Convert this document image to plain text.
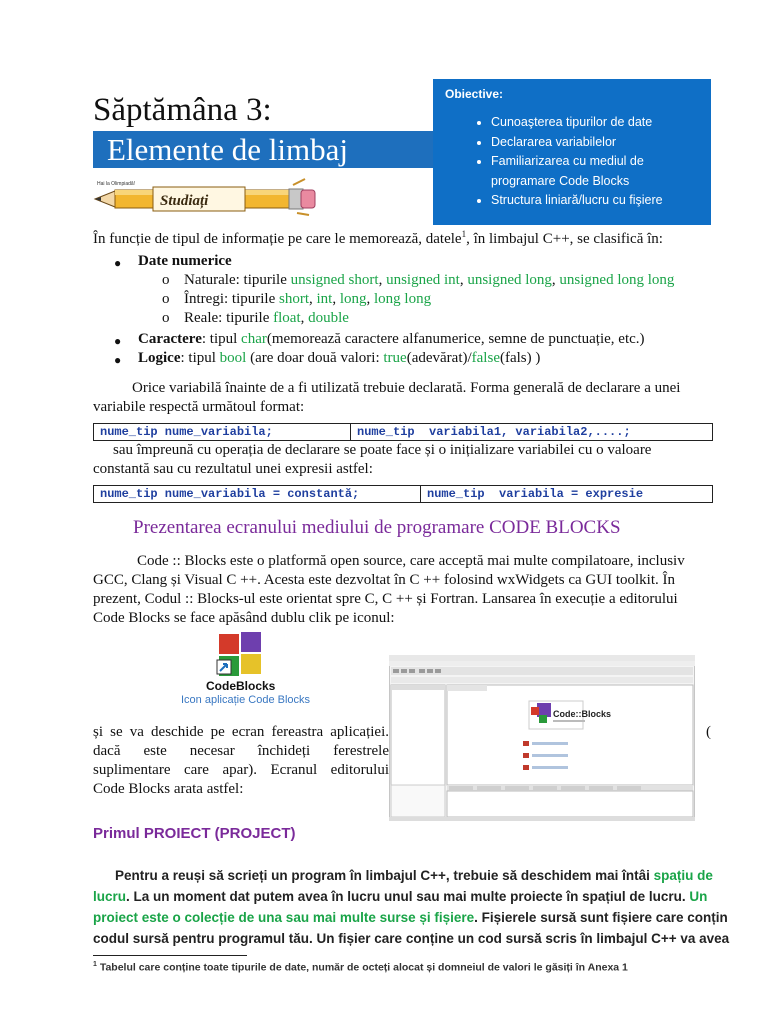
Săptămâna 3:
Elemente de limbaj
Obiective:
• Cunoaşterea tipurilor de date
• Declararea variabilelor
• Familiarizarea cu mediul de programare Code Blocks
• Structura liniară/lucru cu fişiere
Studiați
Hai la Olimpiadă!
În funcție de tipul de informație pe care le memorează, datele$^1$, în limbajul C++, se clasifică în:
● Date numerice
o Naturale: tipurile unsigned short, unsigned int, unsigned long, unsigned long long
o Întregi: tipurile short, int, long, long long
o Reale: tipurile float, double
● Caractere: tipul char(memorează caractere alfanumerice, semne de punctuație, etc.)
● Logice: tipul bool (are doar două valori: true(adevărat)/false(fals) )
Orice variabilă înainte de a fi utilizată trebuie declarată. Forma generală de declarare a unei
variabile respectă următoul format:
nume_tip nume_variabila;	nume_tip  variabila1, variabila2,....;
sau împreună cu operația de declarare se poate face și o inițializare variabilei cu o valoare
constantă sau cu rezultatul unei expresii astfel:
nume_tip nume_variabila = constantă;	nume_tip  variabila = expresie
Prezentarea ecranului mediului de programare CODE BLOCKS
Code :: Blocks este o platformă open source, care acceptă mai multe compilatoare, inclusiv
GCC, Clang și Visual C ++. Acesta este dezvoltat în C ++ folosind wxWidgets ca GUI toolkit. În
prezent, Codul :: Blocks-ul este orientat spre C, C ++ și Fortran. Lansarea în execuție a editorului
Code Blocks se face apăsând dublu clik pe iconul:
CodeBlocks
Icon aplicație Code Blocks
Code::Blocks
și se va deschide pe ecran fereastra aplicației.	(
dacă este necesar închideți ferestrele
suplimentare care apar). Ecranul editorului
Code Blocks arata astfel:
Primul PROIECT (PROJECT)
Pentru a reuși să scrieți un program în limbajul C++, trebuie să deschidem mai întâi spațiu de
lucru. La un moment dat putem avea în lucru unul sau mai multe proiecte în spațiul de lucru. Un
proiect este o colecție de una sau mai multe surse și fișiere. Fișierele sursă sunt fișiere care conțin
codul sursă pentru programul tău. Un fișier care conține un cod sursă scris în limbajul C++ va avea
$^1$ Tabelul care conține toate tipurile de date, număr de octeți alocat și domneiul de valori le găsiți în Anexa 1
